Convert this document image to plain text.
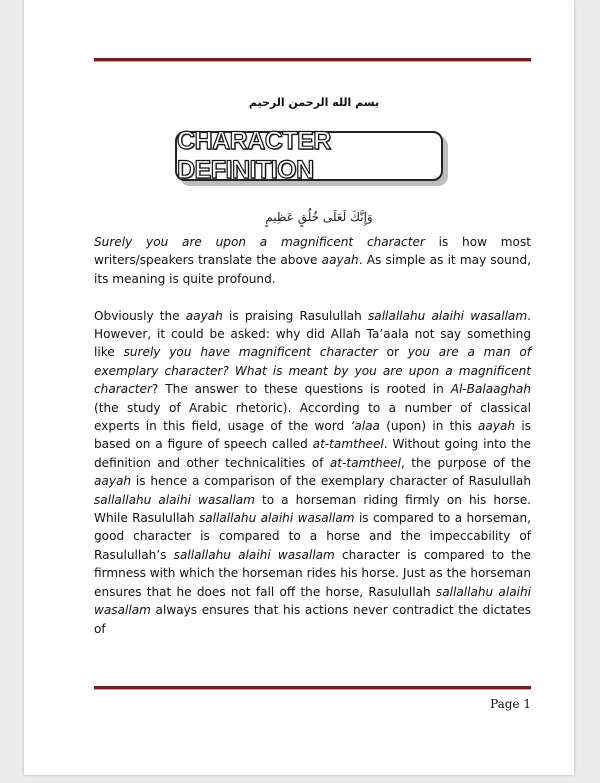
بسم الله الرحمن الرحيم
CHARACTER DEFINITION
وَإِنَّكَ لَعَلَى خُلُقٍ عَظِيمٍ

Surely you are upon a magnificent character is how most writers/speakers translate the above aayah. As simple as it may sound, its meaning is quite profound.

Obviously the aayah is praising Rasulullah sallallahu alaihi wasallam. However, it could be asked: why did Allah Ta’aala not say something like surely you have magnificent character or you are a man of exemplary character? What is meant by you are upon a magnificent character? The answer to these questions is rooted in Al-Balaaghah (the study of Arabic rhetoric). According to a number of classical experts in this field, usage of the word ‘alaa (upon) in this aayah is based on a figure of speech called at-tamtheel. Without going into the definition and other technicalities of at-tamtheel, the purpose of the aayah is hence a comparison of the exemplary character of Rasulullah sallallahu alaihi wasallam to a horseman riding firmly on his horse. While Rasulullah sallallahu alaihi wasallam is compared to a horseman, good character is compared to a horse and the impeccability of Rasulullah’s sallallahu alaihi wasallam character is compared to the firmness with which the horseman rides his horse. Just as the horseman ensures that he does not fall off the horse, Rasulullah sallallahu alaihi wasallam always ensures that his actions never contradict the dictates of

Page 1
